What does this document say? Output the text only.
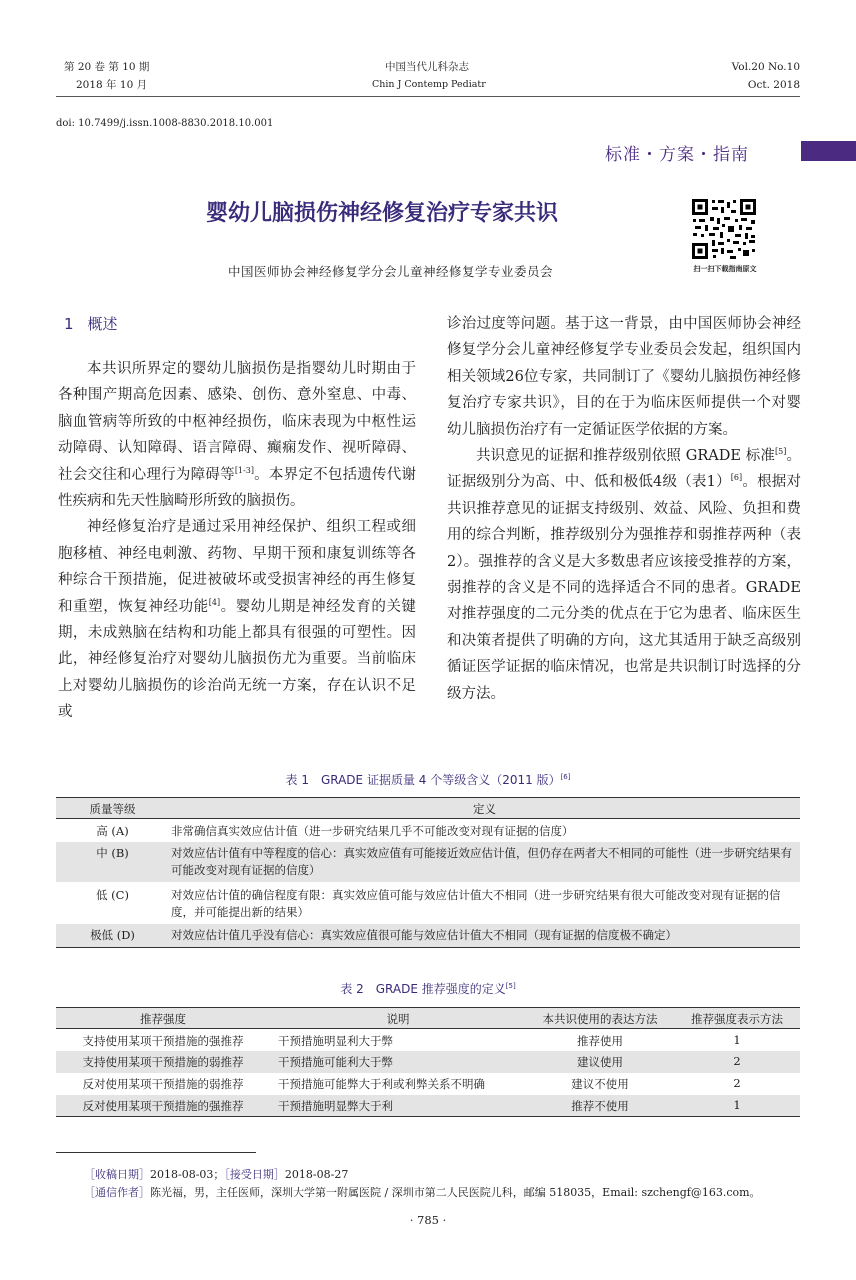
第 20 卷 第 10 期
2018 年 10 月
中国当代儿科杂志
Chin J Contemp Pediatr
Vol.20 No.10
Oct. 2018
doi: 10.7499/j.issn.1008-8830.2018.10.001
标准・方案・指南
婴幼儿脑损伤神经修复治疗专家共识
扫一扫下载指南原文
中国医师协会神经修复学分会儿童神经修复学专业委员会
1 概述

本共识所界定的婴幼儿脑损伤是指婴幼儿时期由于各种围产期高危因素、感染、创伤、意外窒息、中毒、脑血管病等所致的中枢神经损伤，临床表现为中枢性运动障碍、认知障碍、语言障碍、癫痫发作、视听障碍、社会交往和心理行为障碍等[1-3]。本界定不包括遗传代谢性疾病和先天性脑畸形所致的脑损伤。

神经修复治疗是通过采用神经保护、组织工程或细胞移植、神经电刺激、药物、早期干预和康复训练等各种综合干预措施，促进被破坏或受损害神经的再生修复和重塑，恢复神经功能[4]。婴幼儿期是神经发育的关键期，未成熟脑在结构和功能上都具有很强的可塑性。因此，神经修复治疗对婴幼儿脑损伤尤为重要。当前临床上对婴幼儿脑损伤的诊治尚无统一方案，存在认识不足或

诊治过度等问题。基于这一背景，由中国医师协会神经修复学分会儿童神经修复学专业委员会发起，组织国内相关领域26位专家，共同制订了《婴幼儿脑损伤神经修复治疗专家共识》，目的在于为临床医师提供一个对婴幼儿脑损伤治疗有一定循证医学依据的方案。

共识意见的证据和推荐级别依照 GRADE 标准[5]。证据级别分为高、中、低和极低4级（表1）[6]。根据对共识推荐意见的证据支持级别、效益、风险、负担和费用的综合判断，推荐级别分为强推荐和弱推荐两种（表2）。强推荐的含义是大多数患者应该接受推荐的方案，弱推荐的含义是不同的选择适合不同的患者。GRADE 对推荐强度的二元分类的优点在于它为患者、临床医生和决策者提供了明确的方向，这尤其适用于缺乏高级别循证医学证据的临床情况，也常是共识制订时选择的分级方法。

表 1　GRADE 证据质量 4 个等级含义（2011 版）[6]
质量等级	定义
高 (A)	非常确信真实效应估计值（进一步研究结果几乎不可能改变对现有证据的信度）
中 (B)	对效应估计值有中等程度的信心：真实效应值有可能接近效应估计值，但仍存在两者大不相同的可能性（进一步研究结果有可能改变对现有证据的信度）
低 (C)	对效应估计值的确信程度有限：真实效应值可能与效应估计值大不相同（进一步研究结果有很大可能改变对现有证据的信度，并可能提出新的结果）
极低 (D)	对效应估计值几乎没有信心：真实效应值很可能与效应估计值大不相同（现有证据的信度极不确定）
表 2　GRADE 推荐强度的定义[5]
推荐强度	说明	本共识使用的表达方法	推荐强度表示方法
支持使用某项干预措施的强推荐	干预措施明显利大于弊	推荐使用	1
支持使用某项干预措施的弱推荐	干预措施可能利大于弊	建议使用	2
反对使用某项干预措施的弱推荐	干预措施可能弊大于利或利弊关系不明确	建议不使用	2
反对使用某项干预措施的强推荐	干预措施明显弊大于利	推荐不使用	1
［收稿日期］2018-08-03；［接受日期］2018-08-27
［通信作者］陈光福，男，主任医师，深圳大学第一附属医院 / 深圳市第二人民医院儿科，邮编 518035，Email: szchengf@163.com。
· 785 ·
